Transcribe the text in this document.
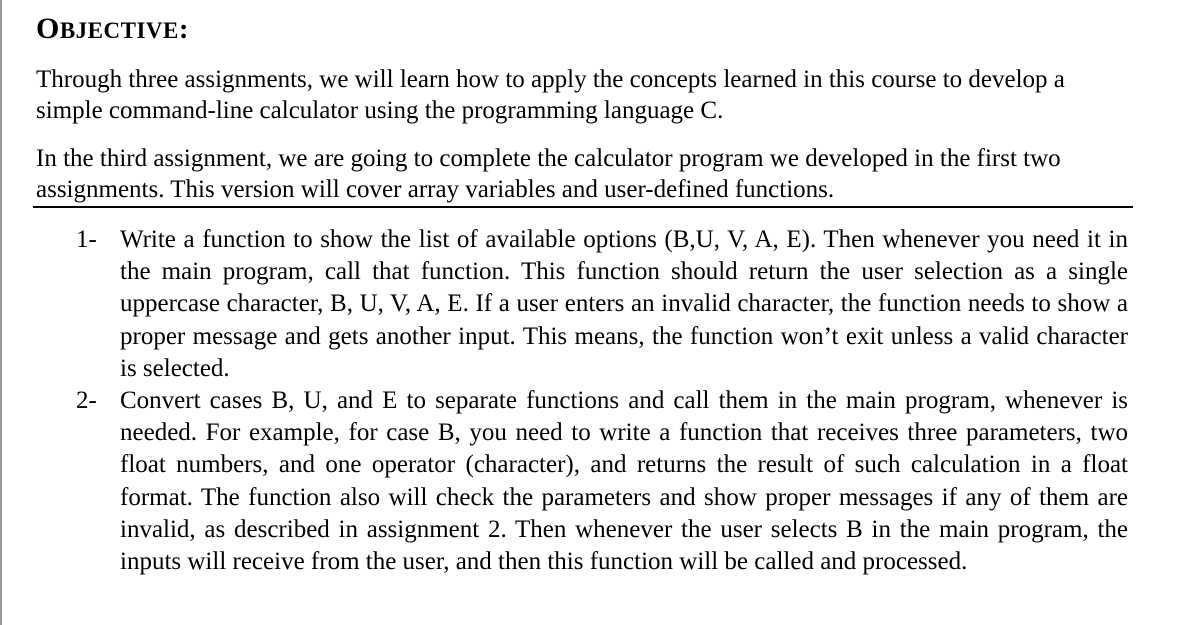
OBJECTIVE:

Through three assignments, we will learn how to apply the concepts learned in this course to develop a simple command-line calculator using the programming language C.

In the third assignment, we are going to complete the calculator program we developed in the first two assignments. This version will cover array variables and user-defined functions.

1- Write a function to show the list of available options (B,U, V, A, E). Then whenever you need it in the main program, call that function. This function should return the user selection as a single uppercase character, B, U, V, A, E. If a user enters an invalid character, the function needs to show a proper message and gets another input. This means, the function won’t exit unless a valid character is selected.
2- Convert cases B, U, and E to separate functions and call them in the main program, whenever is needed. For example, for case B, you need to write a function that receives three parameters, two float numbers, and one operator (character), and returns the result of such calculation in a float format. The function also will check the parameters and show proper messages if any of them are invalid, as described in assignment 2. Then whenever the user selects B in the main program, the inputs will receive from the user, and then this function will be called and processed.
